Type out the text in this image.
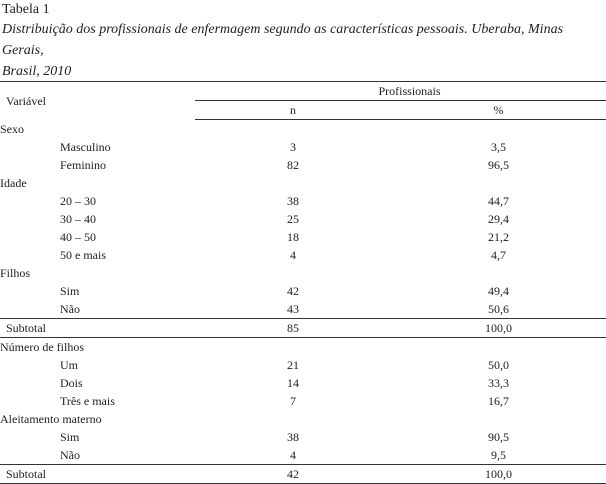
Tabela 1
Distribuição dos profissionais de enfermagem segundo as características pessoais. Uberaba, Minas Gerais,
Brasil, 2010
Variável	Profissionais	
	n	%
Sexo		
Masculino	3	3,5
Feminino	82	96,5
Idade		
20 – 30	38	44,7
30 – 40	25	29,4
40 – 50	18	21,2
50 e mais	4	4,7
Filhos		
Sim	42	49,4
Não	43	50,6
Subtotal	85	100,0
Número de filhos		
Um	21	50,0
Dois	14	33,3
Três e mais	7	16,7
Aleitamento materno		
Sim	38	90,5
Não	4	9,5
Subtotal	42	100,0
